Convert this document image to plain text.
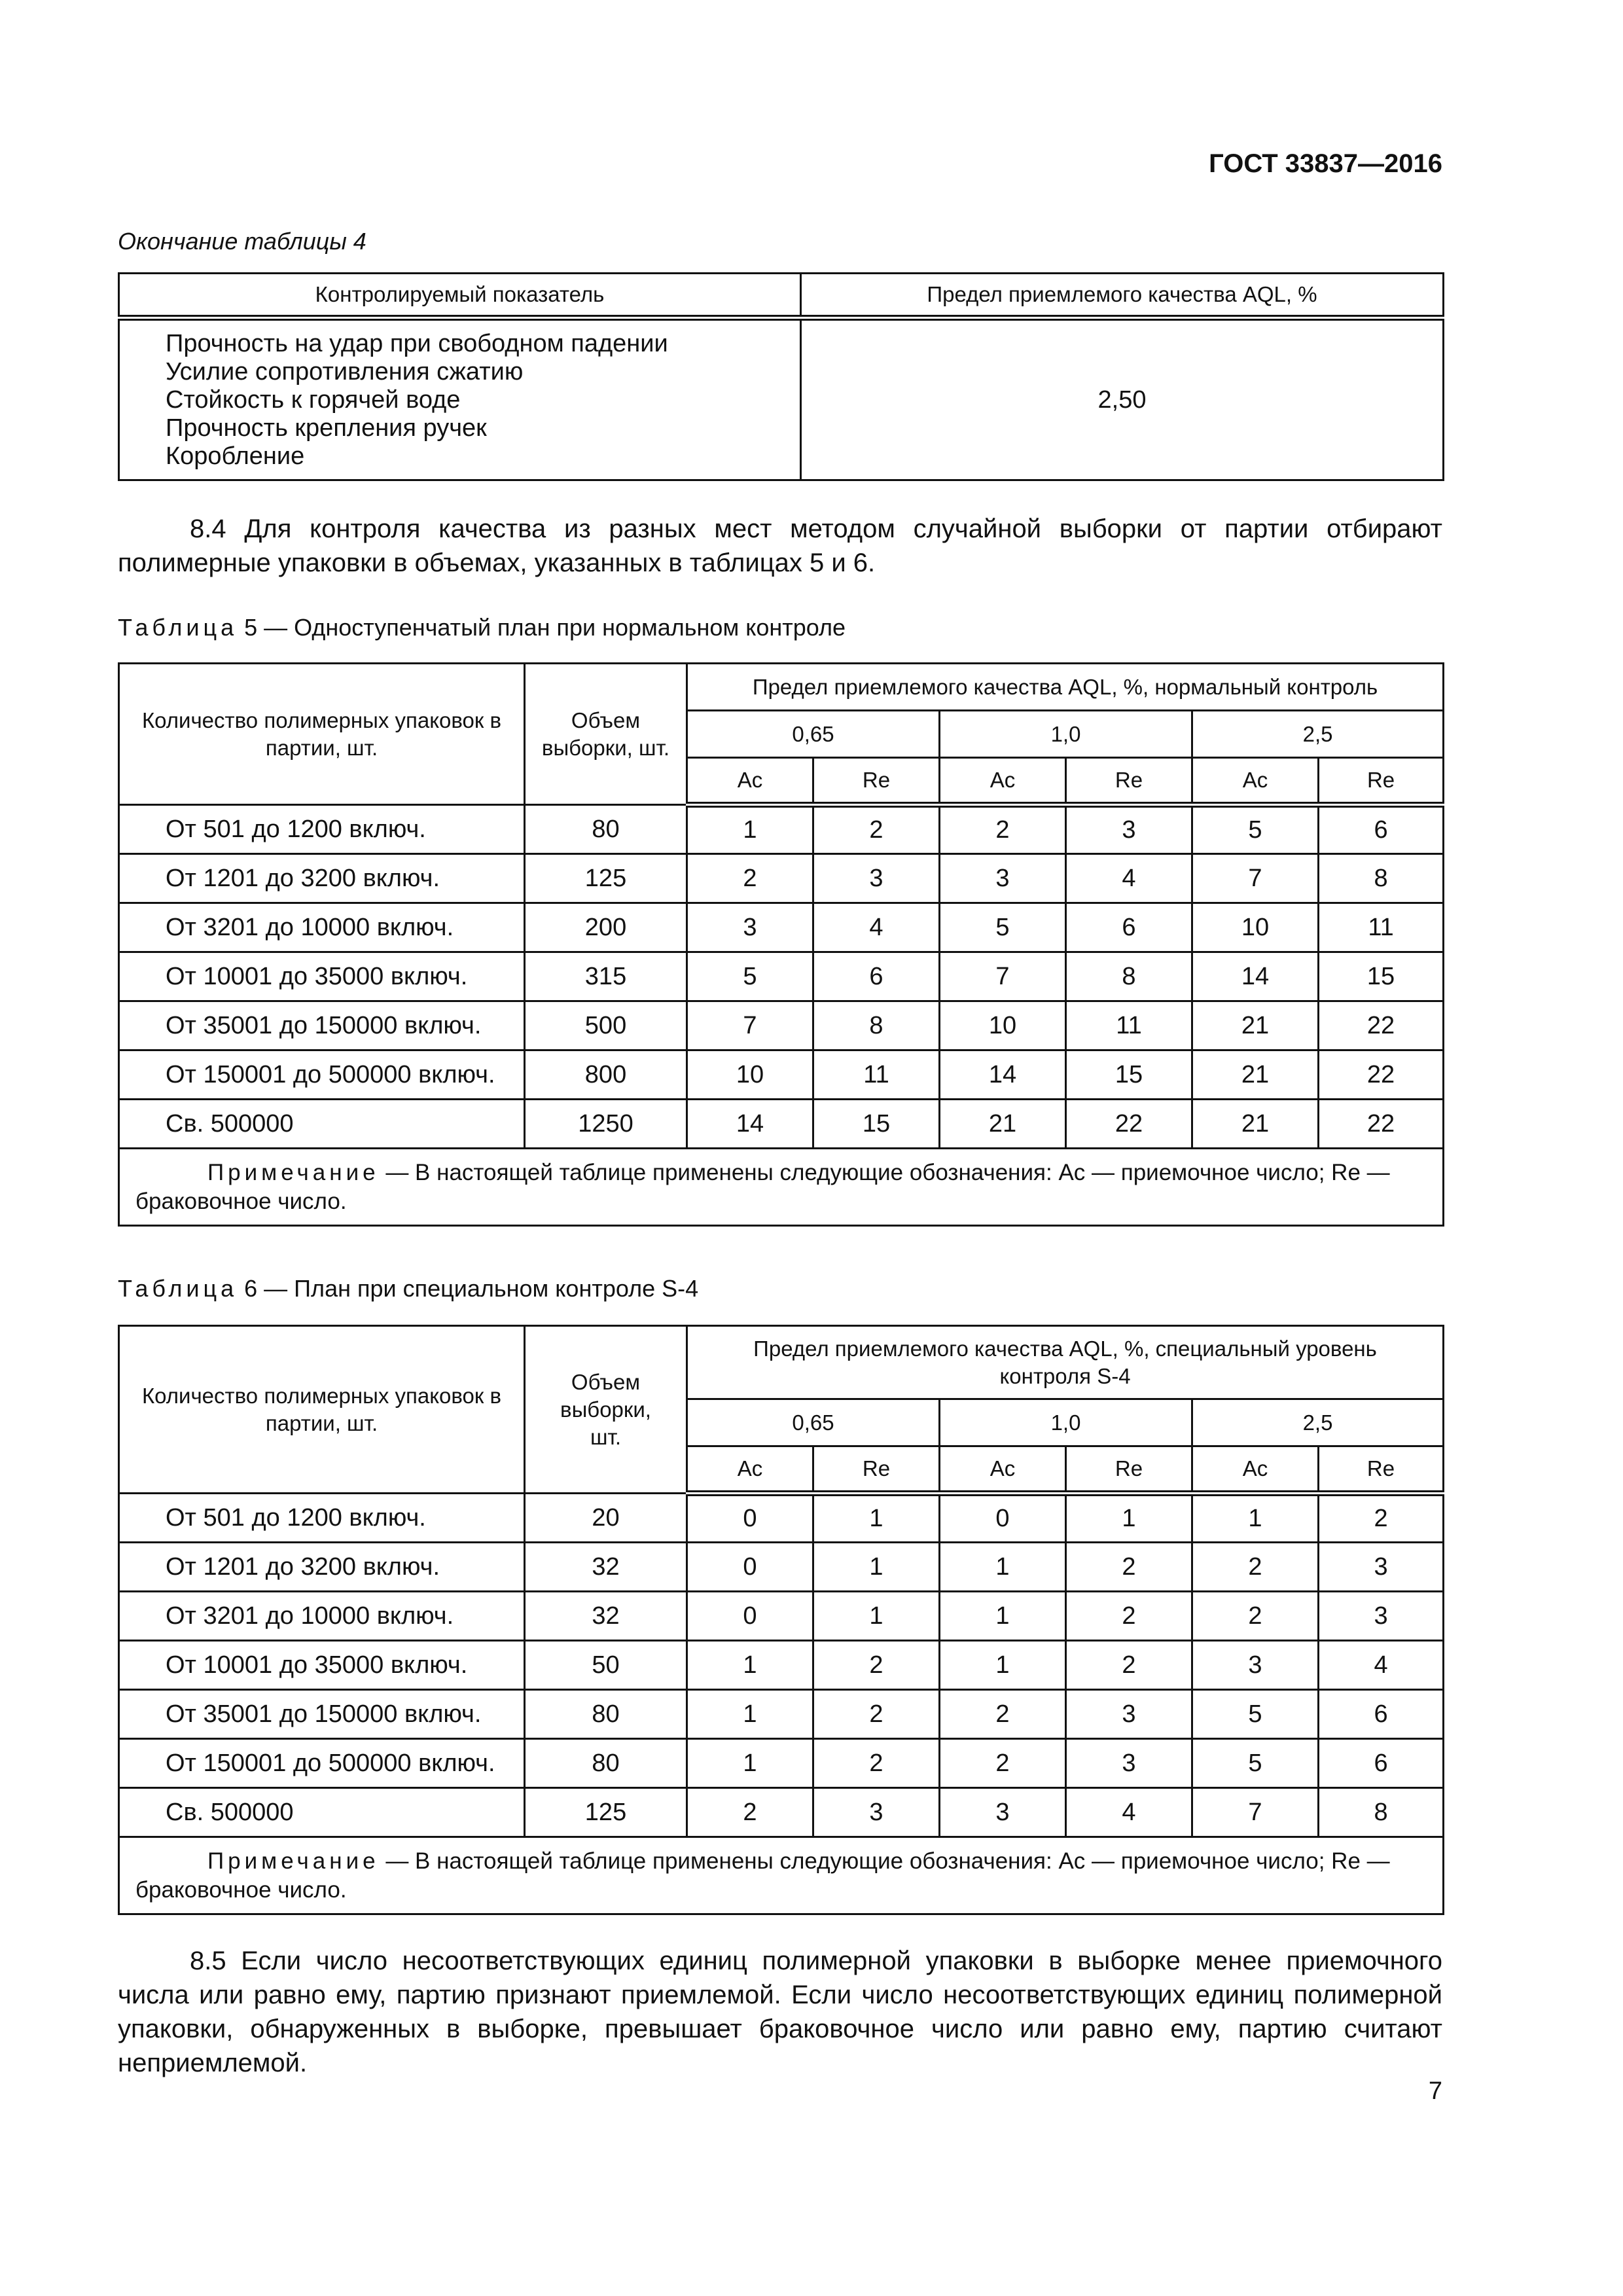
ГОСТ 33837—2016
Окончание таблицы 4
Контролируемый показатель	Предел приемлемого качества AQL, %

Прочность на удар при свободном падении
Усилие сопротивления сжатию
Стойкость к горячей воде
Прочность крепления ручек
Коробление	2,50
8.4 Для контроля качества из разных мест методом случайной выборки от партии отбирают полимерные упаковки в объемах, указанных в таблицах 5 и 6.
Таблица 5 — Одноступенчатый план при нормальном контроле
Количество полимерных упаковок в партии, шт.	Объем выборки, шт.	Предел приемлемого качества AQL, %, нормальный контроль					
		0,65		1,0		2,5	
		Ac	Re	Ac	Re	Ac	Re
От 501 до 1200 включ.	80	1	2	2	3	5	6
От 1201 до 3200 включ.	125	2	3	3	4	7	8
От 3201 до 10000 включ.	200	3	4	5	6	10	11
От 10001 до 35000 включ.	315	5	6	7	8	14	15
От 35001 до 150000 включ.	500	7	8	10	11	21	22
От 150001 до 500000 включ.	800	10	11	14	15	21	22
Св. 500000	1250	14	15	21	22	21	22
Примечание — В настоящей таблице применены следующие обозначения: Ac — приемочное число; Re — браковочное число.							
Таблица 6 — План при специальном контроле S-4
Количество полимерных упаковок в партии, шт.	Объем выборки, шт.	Предел приемлемого качества AQL, %, специальный уровень контроля S-4					
		0,65		1,0		2,5	
		Ac	Re	Ac	Re	Ac	Re
От 501 до 1200 включ.	20	0	1	0	1	1	2
От 1201 до 3200 включ.	32	0	1	1	2	2	3
От 3201 до 10000 включ.	32	0	1	1	2	2	3
От 10001 до 35000 включ.	50	1	2	1	2	3	4
От 35001 до 150000 включ.	80	1	2	2	3	5	6
От 150001 до 500000 включ.	80	1	2	2	3	5	6
Св. 500000	125	2	3	3	4	7	8
Примечание — В настоящей таблице применены следующие обозначения: Ac — приемочное число; Re — браковочное число.							
8.5 Если число несоответствующих единиц полимерной упаковки в выборке менее приемочного числа или равно ему, партию признают приемлемой. Если число несоответствующих единиц полимерной упаковки, обнаруженных в выборке, превышает браковочное число или равно ему, партию считают неприемлемой.
7
